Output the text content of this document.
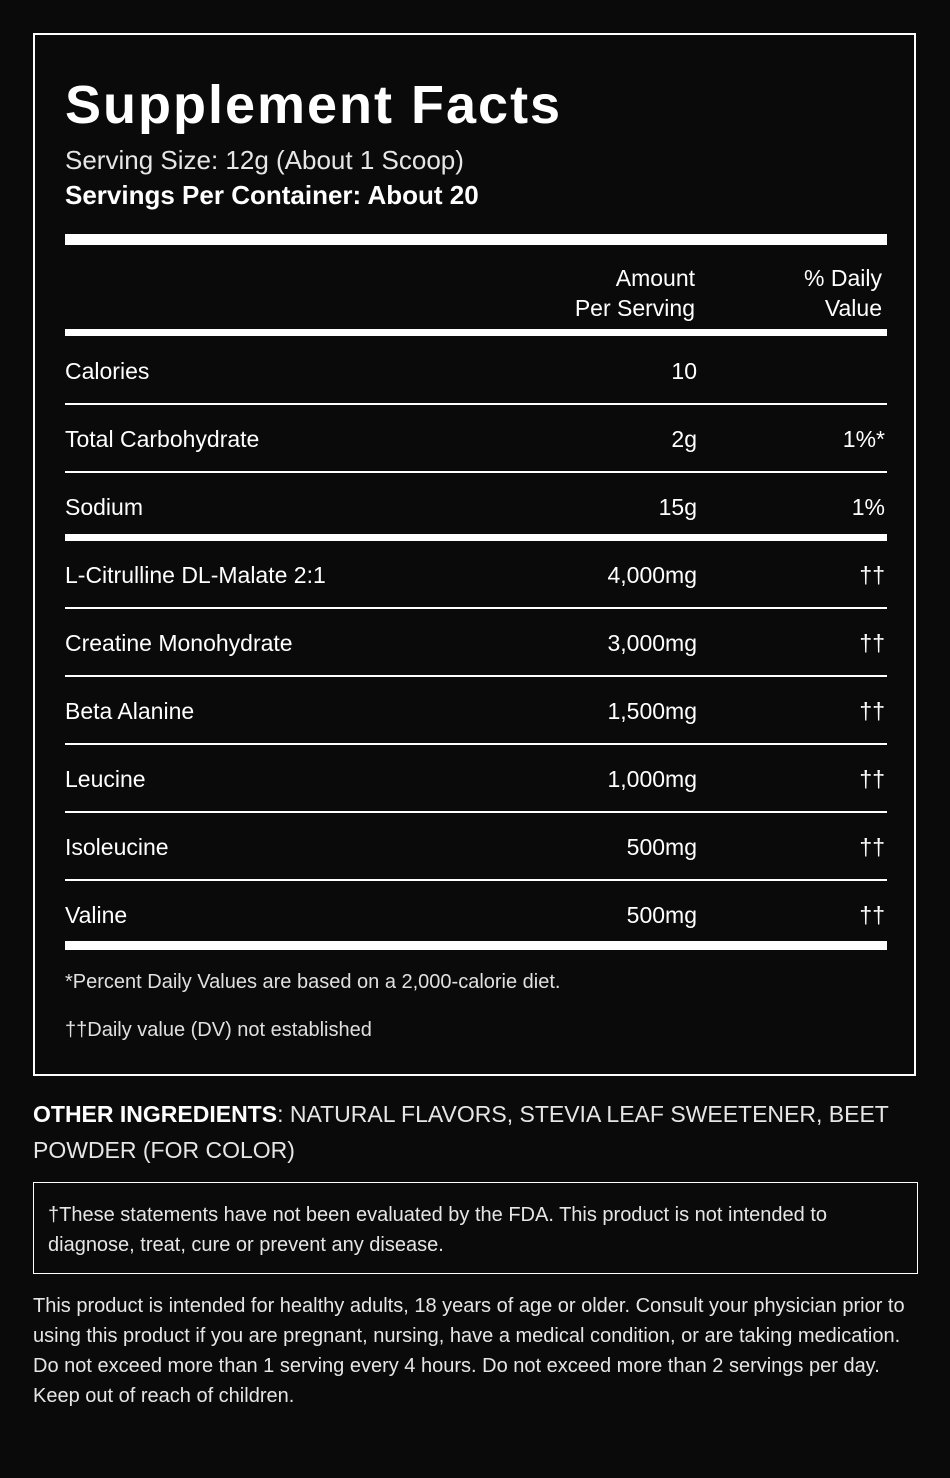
Supplement Facts
Serving Size: 12g (About 1 Scoop)
Servings Per Container: About 20
Amount
Per Serving
% Daily
Value
Calories	10
Total Carbohydrate	2g	1%*
Sodium	15g	1%
L-Citrulline DL-Malate 2:1	4,000mg	††
Creatine Monohydrate	3,000mg	††
Beta Alanine	1,500mg	††
Leucine	1,000mg	††
Isoleucine	500mg	††
Valine	500mg	††
*Percent Daily Values are based on a 2,000-calorie diet.
††Daily value (DV) not established
OTHER INGREDIENTS: NATURAL FLAVORS, STEVIA LEAF SWEETENER, BEET POWDER (FOR COLOR)
†These statements have not been evaluated by the FDA. This product is not intended to diagnose, treat, cure or prevent any disease.
This product is intended for healthy adults, 18 years of age or older. Consult your physician prior to using this product if you are pregnant, nursing, have a medical condition, or are taking medication. Do not exceed more than 1 serving every 4 hours. Do not exceed more than 2 servings per day. Keep out of reach of children.
